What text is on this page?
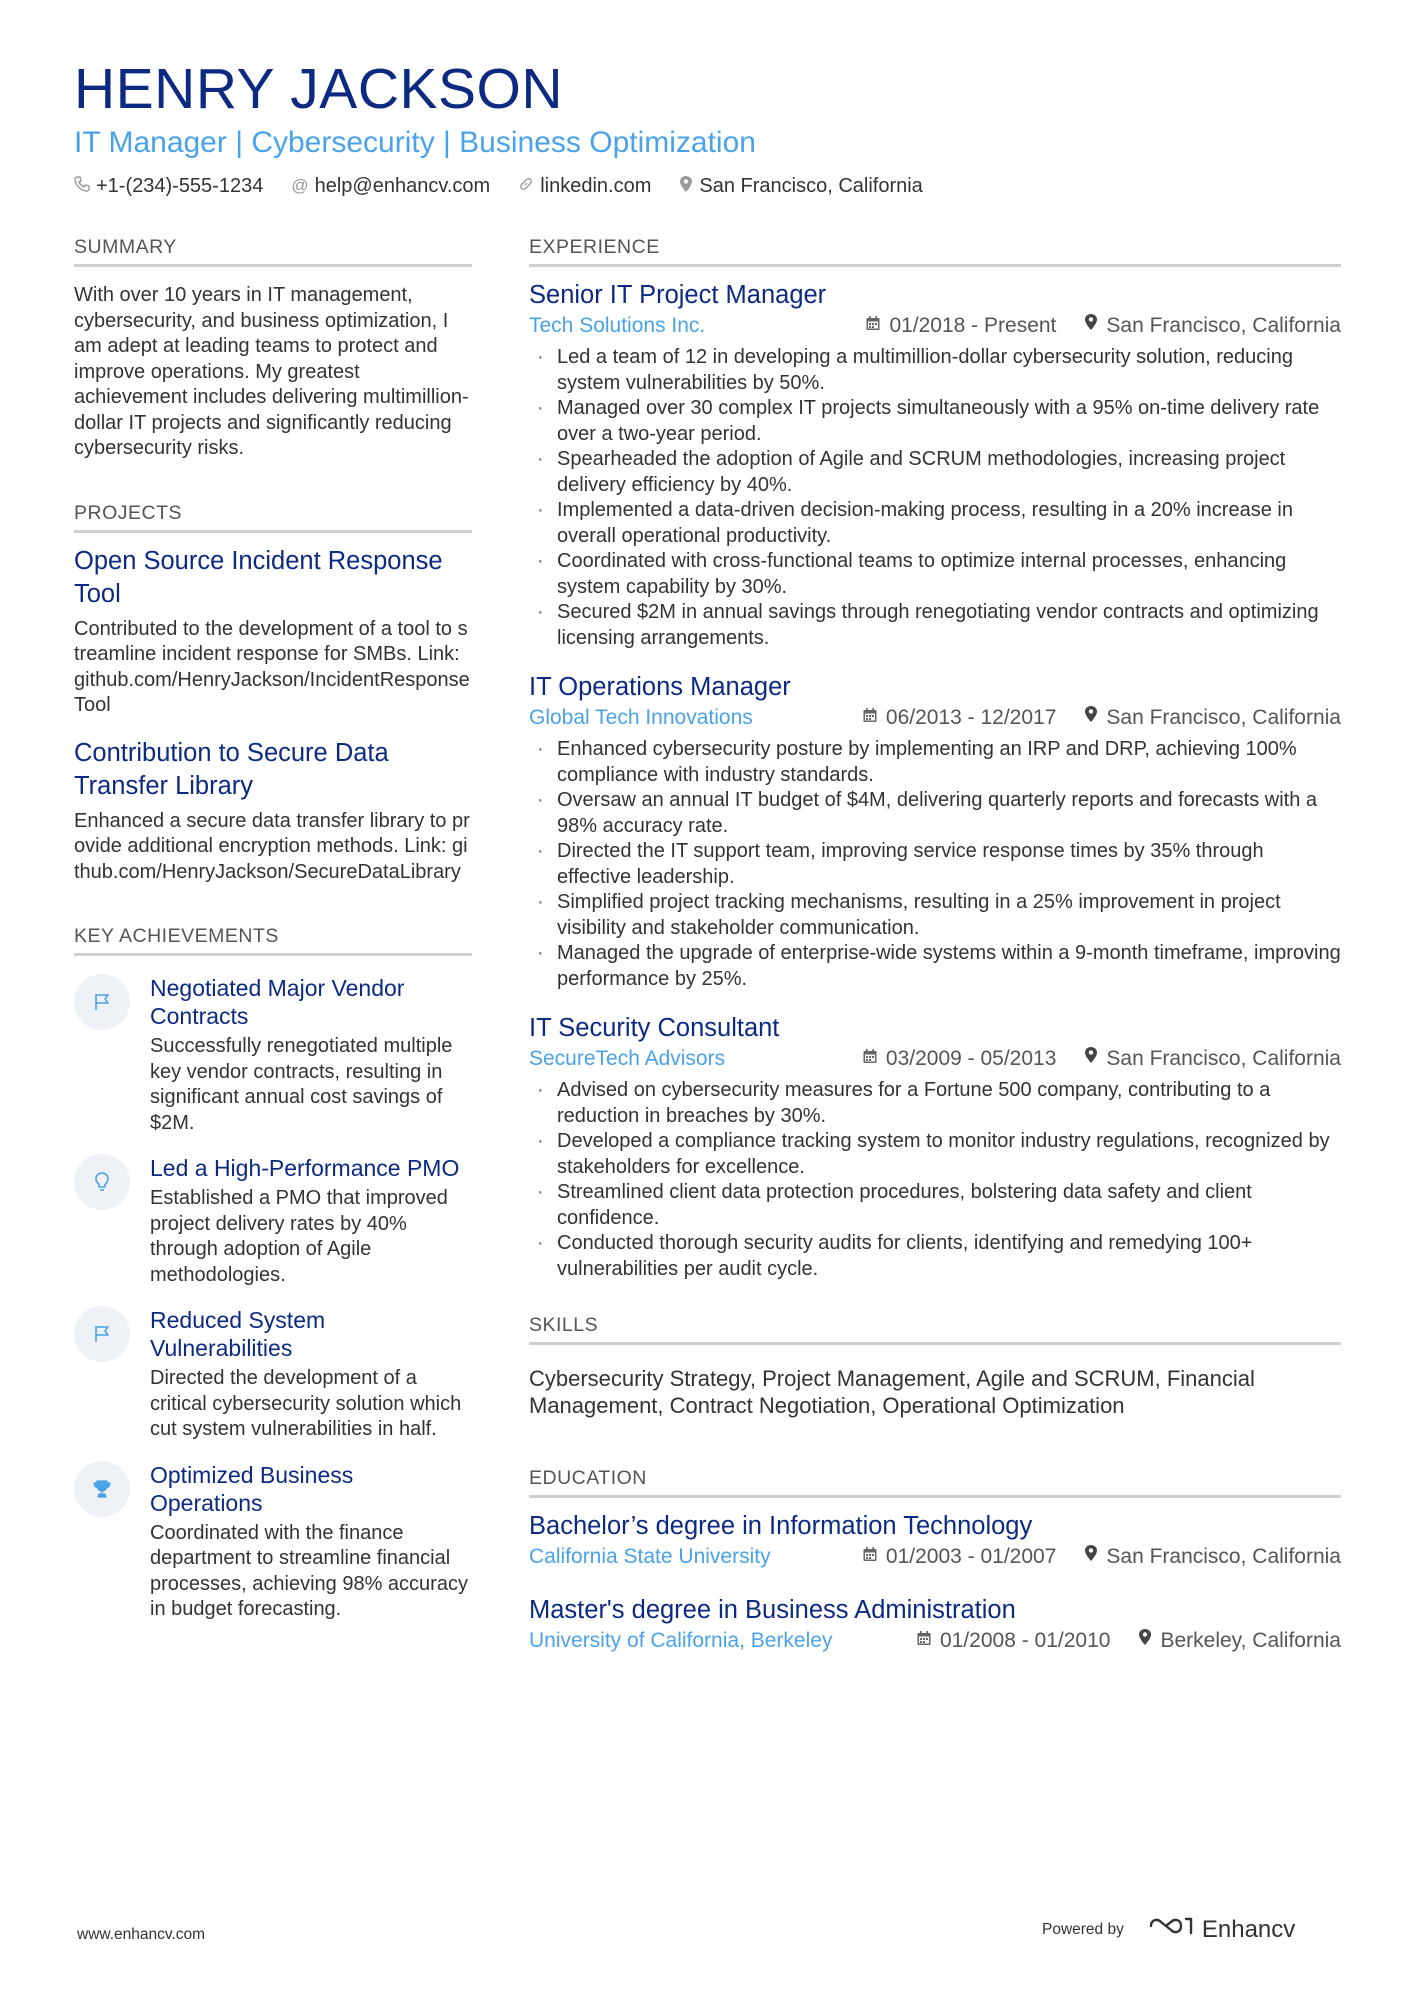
HENRY JACKSON
IT Manager | Cybersecurity | Business Optimization
+1-(234)-555-1234 @ help@enhancv.com	linkedin.com San Francisco, California
SUMMARY
With over 10 years in IT management, cybersecurity, and business optimization, I am adept at leading teams to protect and improve operations. My greatest achievement includes delivering multimillion-dollar IT projects and significantly reducing cybersecurity risks.
PROJECTS
Open Source Incident Response Tool
Contributed to the development of a tool to streamline incident response for SMBs. Link: github.com/HenryJackson/IncidentResponseTool
Contribution to Secure Data Transfer Library
Enhanced a secure data transfer library to provide additional encryption methods. Link: github.com/HenryJackson/SecureDataLibrary
KEY ACHIEVEMENTS
Negotiated Major Vendor Contracts
Successfully renegotiated multiple key vendor contracts, resulting in significant annual cost savings of $2M.
Led a High-Performance PMO
Established a PMO that improved project delivery rates by 40% through adoption of Agile methodologies.
Reduced System Vulnerabilities
Directed the development of a critical cybersecurity solution which cut system vulnerabilities in half.
Optimized Business Operations
Coordinated with the finance department to streamline financial processes, achieving 98% accuracy in budget forecasting.
EXPERIENCE
Senior IT Project Manager
Tech Solutions Inc.	01/2018 - Present San Francisco, California
· Led a team of 12 in developing a multimillion-dollar cybersecurity solution, reducing system vulnerabilities by 50%.
· Managed over 30 complex IT projects simultaneously with a 95% on-time delivery rate over a two-year period.
· Spearheaded the adoption of Agile and SCRUM methodologies, increasing project delivery efficiency by 40%.
· Implemented a data-driven decision-making process, resulting in a 20% increase in overall operational productivity.
· Coordinated with cross-functional teams to optimize internal processes, enhancing system capability by 30%.
· Secured $2M in annual savings through renegotiating vendor contracts and optimizing licensing arrangements.
IT Operations Manager
Global Tech Innovations	06/2013 - 12/2017 San Francisco, California
· Enhanced cybersecurity posture by implementing an IRP and DRP, achieving 100% compliance with industry standards.
· Oversaw an annual IT budget of $4M, delivering quarterly reports and forecasts with a 98% accuracy rate.
· Directed the IT support team, improving service response times by 35% through effective leadership.
· Simplified project tracking mechanisms, resulting in a 25% improvement in project visibility and stakeholder communication.
· Managed the upgrade of enterprise-wide systems within a 9-month timeframe, improving performance by 25%.
IT Security Consultant
SecureTech Advisors	03/2009 - 05/2013 San Francisco, California
· Advised on cybersecurity measures for a Fortune 500 company, contributing to a reduction in breaches by 30%.
· Developed a compliance tracking system to monitor industry regulations, recognized by stakeholders for excellence.
· Streamlined client data protection procedures, bolstering data safety and client confidence.
· Conducted thorough security audits for clients, identifying and remedying 100+ vulnerabilities per audit cycle.
SKILLS
Cybersecurity Strategy, Project Management, Agile and SCRUM, Financial Management, Contract Negotiation, Operational Optimization
EDUCATION
Bachelor’s degree in Information Technology
California State University	01/2003 - 01/2007 San Francisco, California
Master's degree in Business Administration
University of California, Berkeley	01/2008 - 01/2010 Berkeley, California
www.enhancv.com	Powered by	Enhancv
